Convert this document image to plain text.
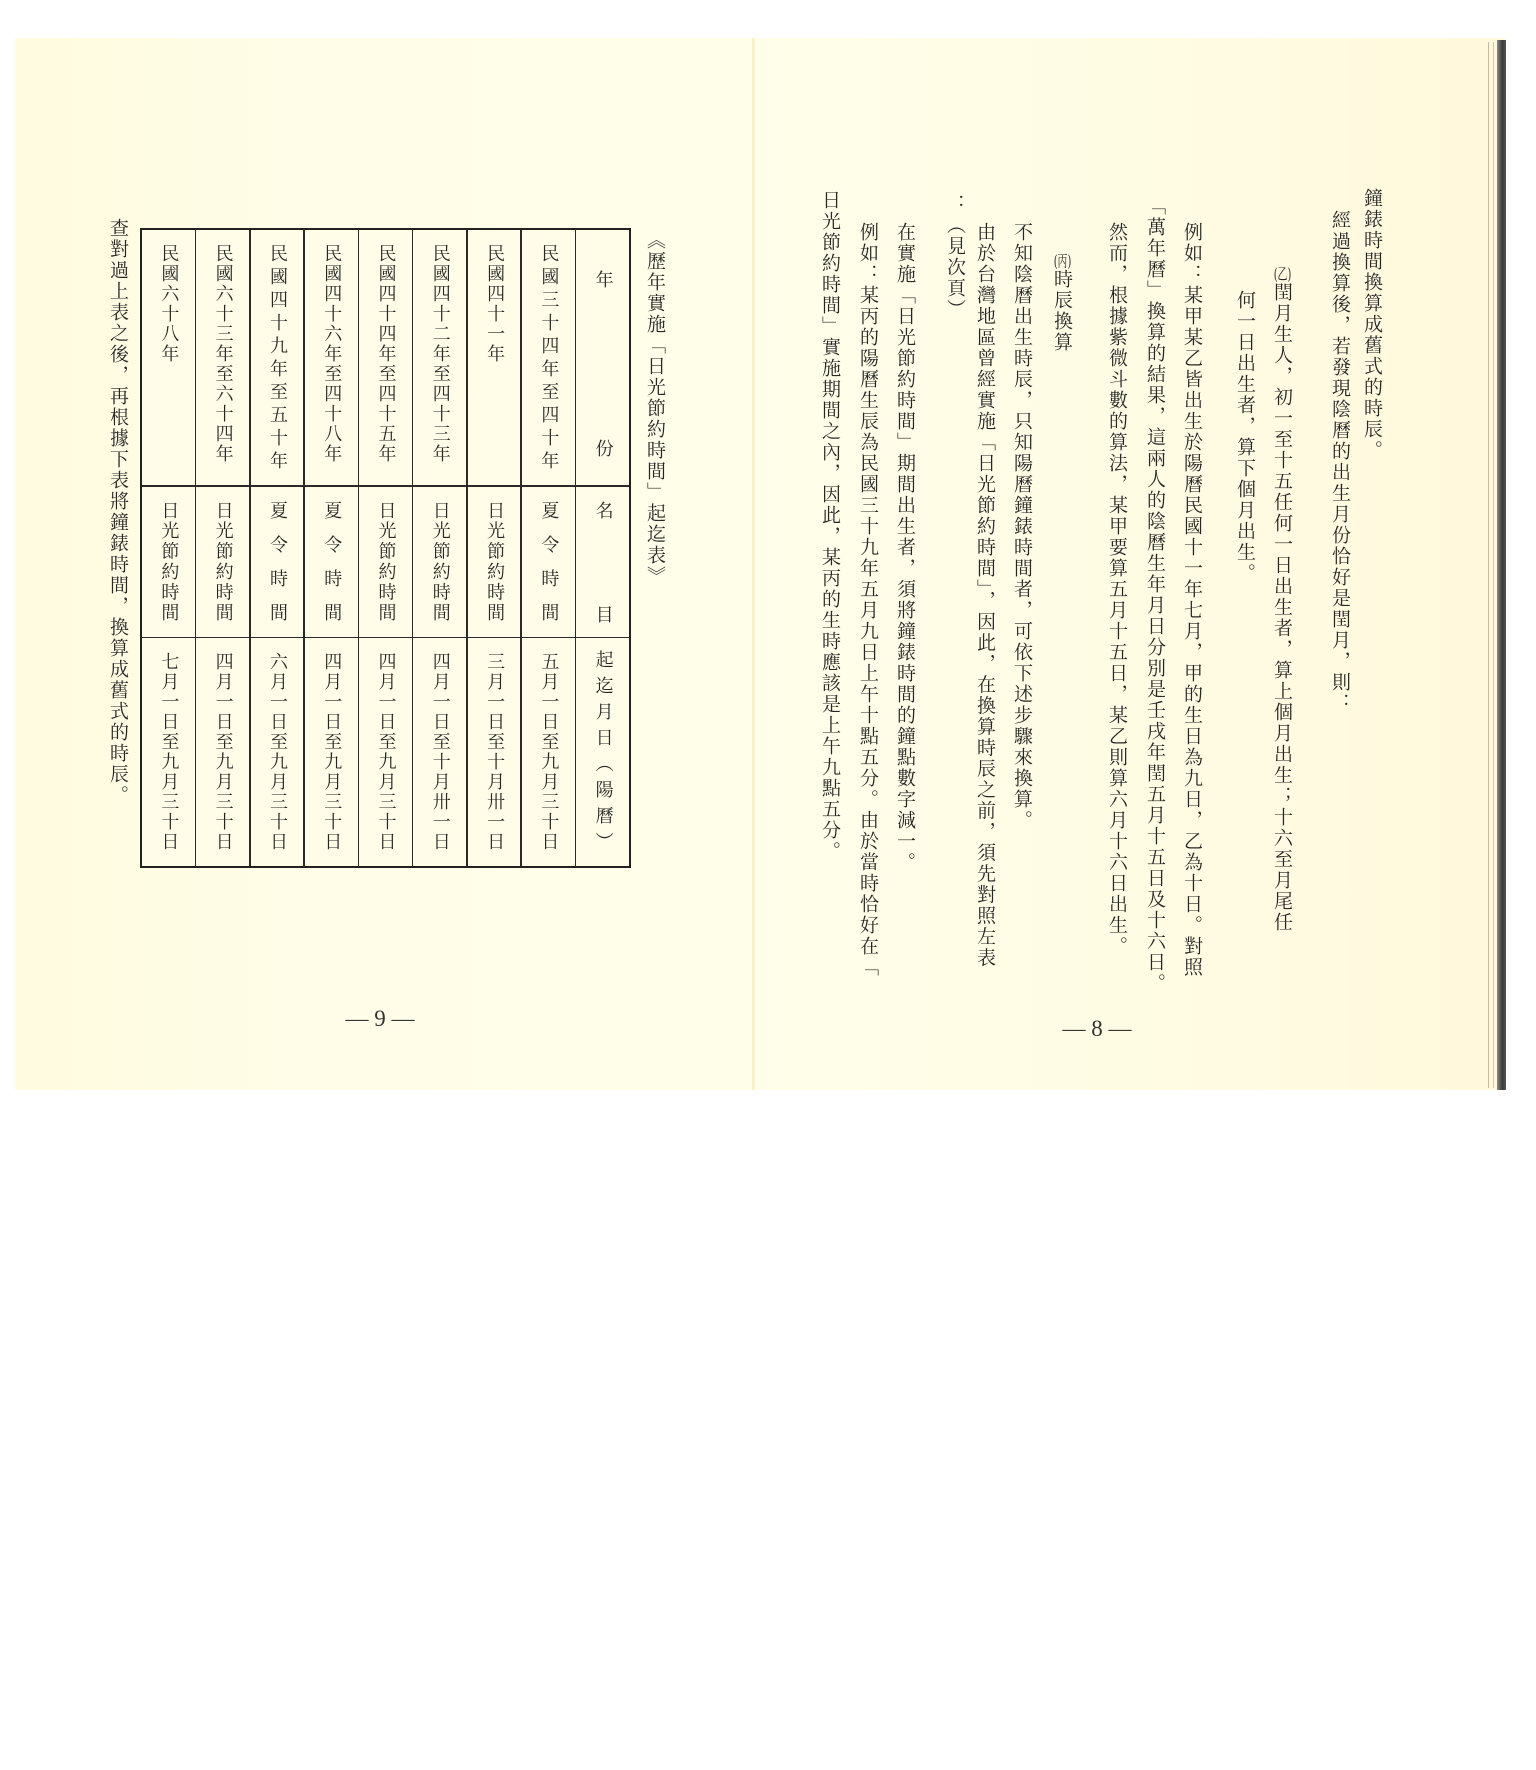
《歷年實施「日光節約時間」起迄表》
年份
名目
起迄月日（陽曆）
民國三十四年至四十年
夏令時間
五月一日至九月三十日
民國四十一年
日光節約時間
三月一日至十月卅一日
民國四十二年至四十三年
日光節約時間
四月一日至十月卅一日
民國四十四年至四十五年
日光節約時間
四月一日至九月三十日
民國四十六年至四十八年
夏令時間
四月一日至九月三十日
民國四十九年至五十年
夏令時間
六月一日至九月三十日
民國六十三年至六十四年
日光節約時間
四月一日至九月三十日
民國六十八年
日光節約時間
七月一日至九月三十日
查對過上表之後，再根據下表將鐘錶時間，換算成舊式的時辰。
— 9 —
鐘錶時間換算成舊式的時辰。
經過換算後，若發現陰曆的出生月份恰好是閏月，則：
(乙)閏月生人，初一至十五任何一日出生者，算上個月出生；十六至月尾任
何一日出生者，算下個月出生。
例如：某甲某乙皆出生於陽曆民國十一年七月，甲的生日為九日，乙為十日。對照
「萬年曆」換算的結果，這兩人的陰曆生年月日分別是壬戌年閏五月十五日及十六日。
然而，根據紫微斗數的算法，某甲要算五月十五日，某乙則算六月十六日出生。
(丙)時辰換算
不知陰曆出生時辰，只知陽曆鐘錶時間者，可依下述步驟來換算。
由於台灣地區曾經實施「日光節約時間」，因此，在換算時辰之前，須先對照左表
：（見次頁）
在實施「日光節約時間」期間出生者，須將鐘錶時間的鐘點數字減一。
例如：某丙的陽曆生辰為民國三十九年五月九日上午十點五分。由於當時恰好在「
日光節約時間」實施期間之內，因此，某丙的生時應該是上午九點五分。
— 8 —
